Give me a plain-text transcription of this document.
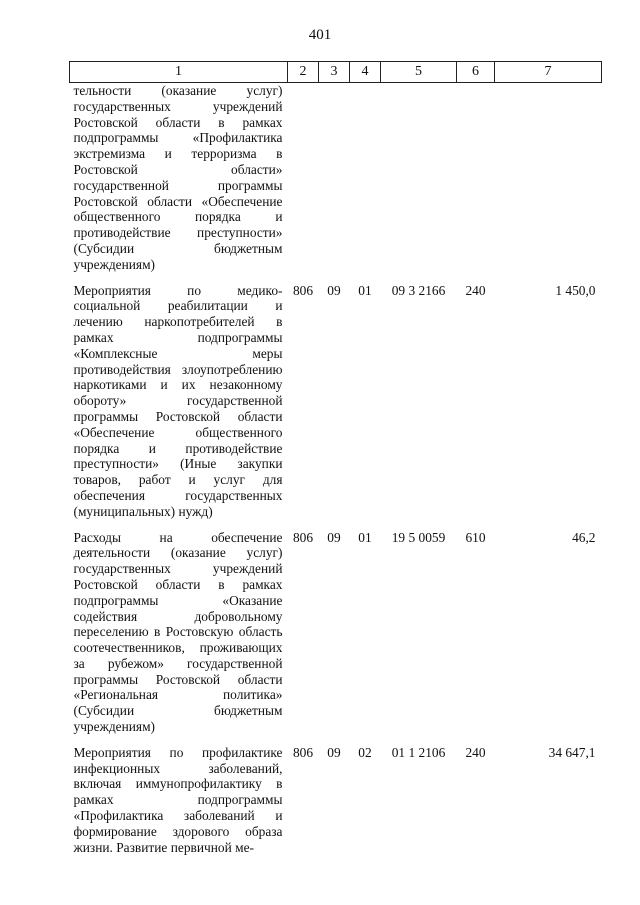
401
1	2	3	4	5	6	7
тельности (оказание услуг) государственных учреждений Ростовской области в рамках подпрограммы «Профилактика экстремизма и терроризма в Ростовской области» государственной программы Ростовской области «Обеспечение общественного порядка и противодействие преступности» (Субсидии бюджетным учреждениям)						
Мероприятия по медико-социальной реабилитации и лечению наркопотребителей в рамках подпрограммы «Комплексные меры противодействия злоупотреблению наркотиками и их незаконному обороту» государственной программы Ростовской области «Обеспечение общественного порядка и противодействие преступности» (Иные закупки товаров, работ и услуг для обеспечения государственных (муниципальных) нужд)	806	09	01	09 3 2166	240	1 450,0
Расходы на обеспечение деятельности (оказание услуг) государственных учреждений Ростовской области в рамках подпрограммы «Оказание содействия добровольному переселению в Ростовскую область соотечественников, проживающих за рубежом» государственной программы Ростовской области «Региональная политика» (Субсидии бюджетным учреждениям)	806	09	01	19 5 0059	610	46,2
Мероприятия по профилактике инфекционных заболеваний, включая иммунопрофилактику в рамках подпрограммы «Профилактика заболеваний и формирование здорового образа жизни. Развитие первичной ме-	806	09	02	01 1 2106	240	34 647,1
